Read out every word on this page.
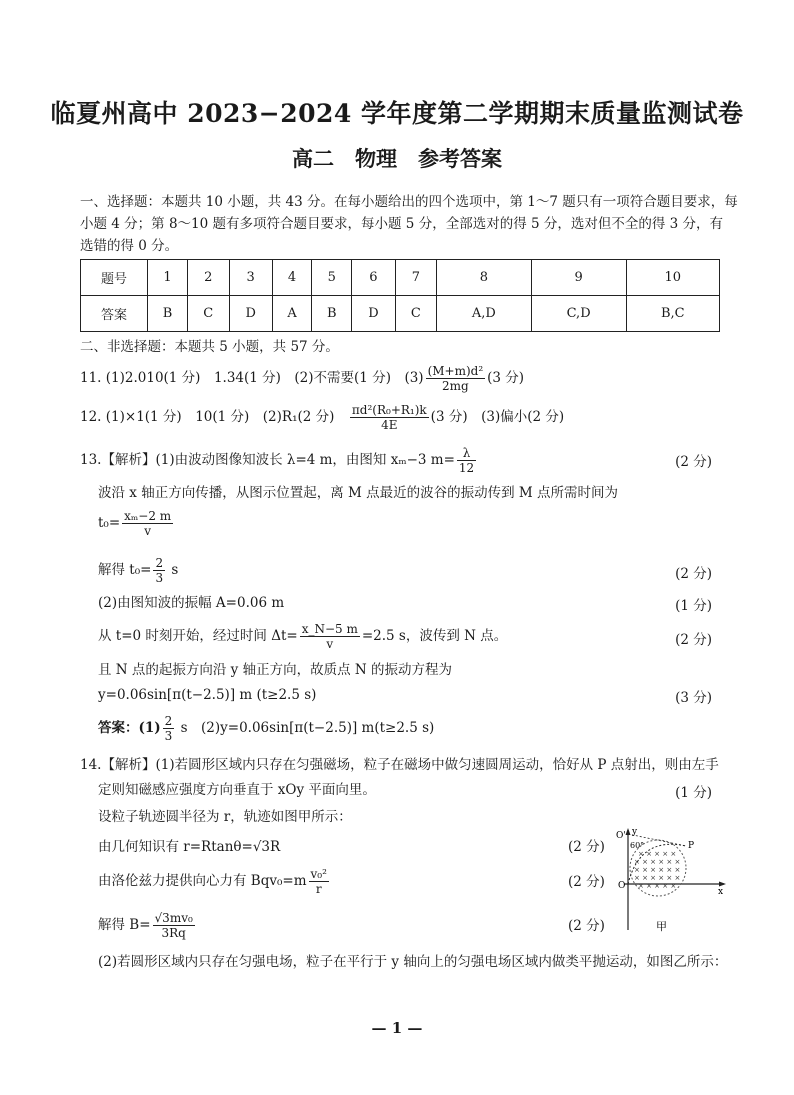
临夏州高中 2023−2024 学年度第二学期期末质量监测试卷
高二　物理　参考答案
一、选择题：本题共 10 小题，共 43 分。在每小题给出的四个选项中，第 1～7 题只有一项符合题目要求，每
小题 4 分；第 8～10 题有多项符合题目要求，每小题 5 分，全部选对的得 5 分，选对但不全的得 3 分，有
选错的得 0 分。
题号	1	2	3	4	5	6	7	8	9	10
答案	B	C	D	A	B	D	C	A,D	C,D	B,C
二、非选择题：本题共 5 小题，共 57 分。
11. (1)2.010(1 分)　1.34(1 分)　(2)不需要(1 分)　$(3) \frac{\text{(M+m)d²}}{2mg} (3$ 分)
12. (1)×1(1 分)　10(1 分)　(2)R₁(2 分)　 $\frac{\text{πd²(R₀+R₁)k}}{4E} (3$ 分)　(3)偏小(2 分)
13.【解析】(1)由波动图像知波长 λ=4 m，由图知 xₘ−3 $m= \frac{\lambda}{12}$	(2 分)
波沿 x 轴正方向传播，从图示位置起，离 M 点最近的波谷的振动传到 M 点所需时间为
$t_0= \frac{\text{xₘ−2 m}}{v}$
解得 $t_0= \frac{2}{3}$ s	(2 分)
(2)由图知波的振幅 A=0.06 m	(1 分)
从 t=0 时刻开始，经过时间 $\Delta t= \frac{x\_N-5 m}{v} =2.5$ s，波传到 N 点。	(2 分)
且 N 点的起振方向沿 y 轴正方向，故质点 N 的振动方程为
y=0.06sin[π(t−2.5)] m (t≥2.5 s)	(3 分)
答案：$(1) \frac{2}{3}$ s　(2)y=0.06sin[π(t−2.5)] m(t≥2.5 s)
14.【解析】(1)若圆形区域内只存在匀强磁场，粒子在磁场中做匀速圆周运动，恰好从 P 点射出，则由左手
定则知磁感应强度方向垂直于 xOy 平面向里。	(1 分)
设粒子轨迹圆半径为 r，轨迹如图甲所示：
由几何知识有 r=Rtanθ=√3R	(2 分)
由洛伦兹力提供向心力有 $Bqv_0=m \frac{\text{v₀²}}{r}$	(2 分)
解得 $B= \frac{\text{√3mv₀}}{3Rq}$	(2 分)
(2)若圆形区域内只存在匀强电场，粒子在平行于 y 轴向上的匀强电场区域内做类平抛运动，如图乙所示：
× × × × ×
× × × × × ×
× × × × × ×
× × × × × ×
× × × × ×
O' y
60°	P
O
x
甲
— 1 —
